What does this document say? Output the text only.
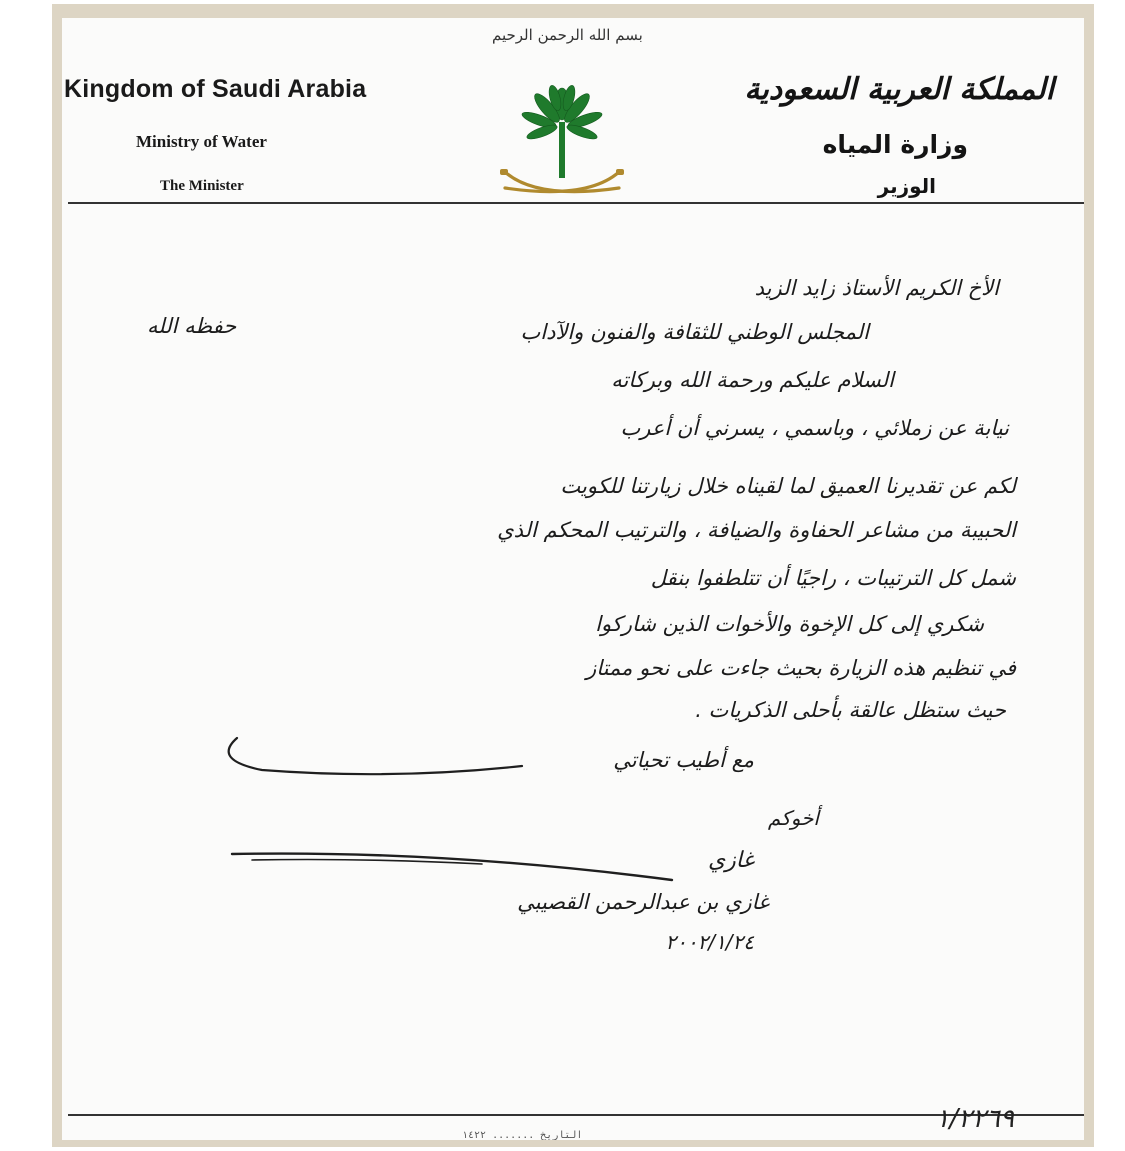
بسم الله الرحمن الرحيم
Kingdom of Saudi Arabia
Ministry of Water
The Minister
المملكة العربية السعودية
وزارة المياه
الوزير
الأخ الكريم الأستاذ زايد الزيد
المجلس الوطني للثقافة والفنون والآداب
حفظه الله
السلام عليكم ورحمة الله وبركاته
نيابة عن زملائي ، وباسمي ، يسرني أن أعرب
لكم عن تقديرنا العميق لما لقيناه خلال زيارتنا للكويت
الحبيبة من مشاعر الحفاوة والضيافة ، والترتيب المحكم الذي
شمل كل الترتيبات ، راجيًا أن تتلطفوا بنقل
شكري إلى كل الإخوة والأخوات الذين شاركوا
في تنظيم هذه الزيارة بحيث جاءت على نحو ممتاز
حيث ستظل عالقة بأحلى الذكريات .
مع أطيب تحياتي
أخوكم
غازي
غازي بن عبدالرحمن القصيبي
٢٠٠٢/١/٢٤
١/٢٢٦٩
التاريخ ....... ١٤٢٢
